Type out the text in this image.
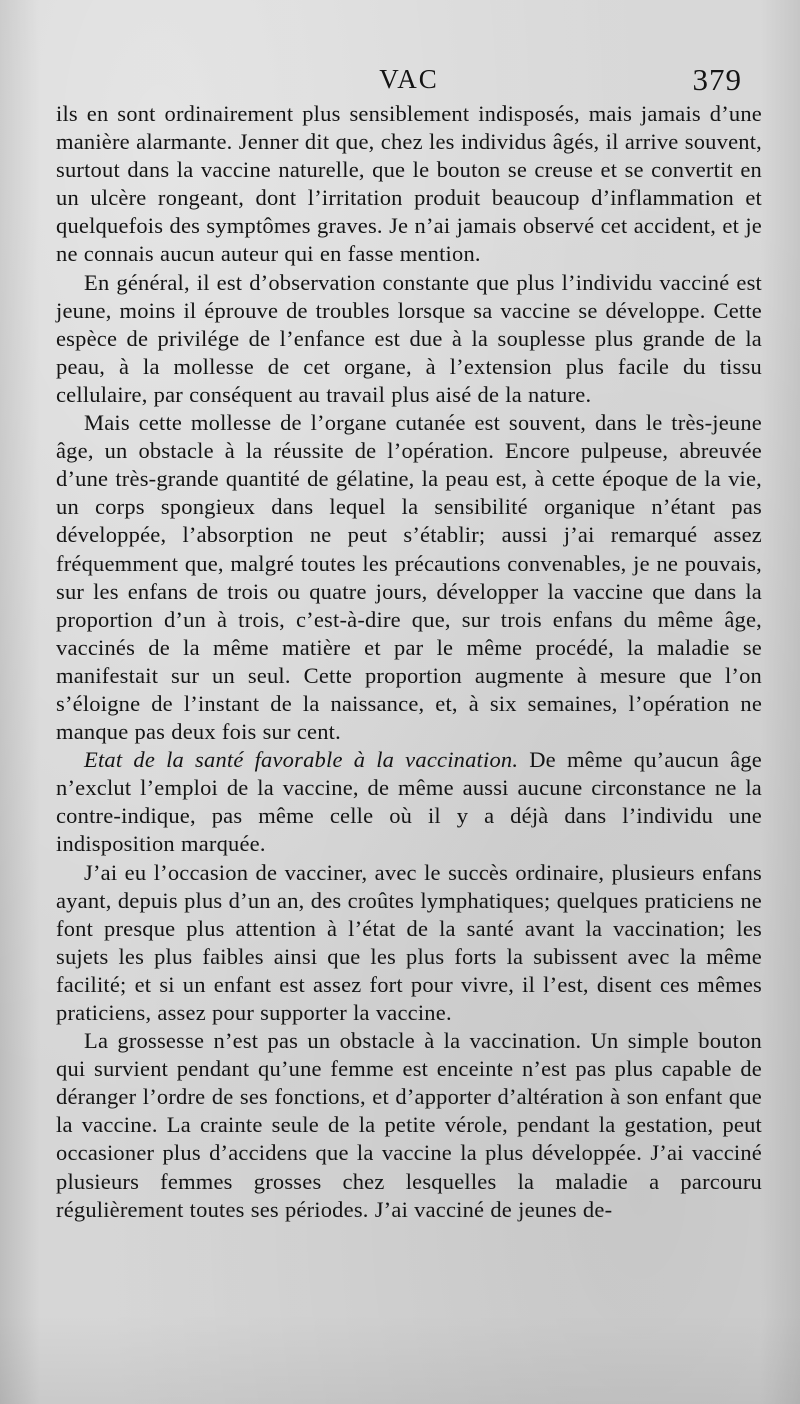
VAC	379

ils en sont ordinairement plus sensiblement indisposés, mais jamais d’une manière alarmante. Jenner dit que, chez les individus âgés, il arrive souvent, surtout dans la vaccine naturelle, que le bouton se creuse et se convertit en un ulcère rongeant, dont l’irritation produit beaucoup d’inflammation et quelquefois des symptômes graves. Je n’ai jamais observé cet accident, et je ne connais aucun auteur qui en fasse mention.

En général, il est d’observation constante que plus l’individu vacciné est jeune, moins il éprouve de troubles lorsque sa vaccine se développe. Cette espèce de privilége de l’enfance est due à la souplesse plus grande de la peau, à la mollesse de cet organe, à l’extension plus facile du tissu cellulaire, par conséquent au travail plus aisé de la nature.

Mais cette mollesse de l’organe cutanée est souvent, dans le très-jeune âge, un obstacle à la réussite de l’opération. Encore pulpeuse, abreuvée d’une très-grande quantité de gélatine, la peau est, à cette époque de la vie, un corps spongieux dans lequel la sensibilité organique n’étant pas développée, l’absorption ne peut s’établir; aussi j’ai remarqué assez fréquemment que, malgré toutes les précautions convenables, je ne pouvais, sur les enfans de trois ou quatre jours, développer la vaccine que dans la proportion d’un à trois, c’est-à-dire que, sur trois enfans du même âge, vaccinés de la même matière et par le même procédé, la maladie se manifestait sur un seul. Cette proportion augmente à mesure que l’on s’éloigne de l’instant de la naissance, et, à six semaines, l’opération ne manque pas deux fois sur cent.

Etat de la santé favorable à la vaccination. De même qu’aucun âge n’exclut l’emploi de la vaccine, de même aussi aucune circonstance ne la contre-indique, pas même celle où il y a déjà dans l’individu une indisposition marquée.

J’ai eu l’occasion de vacciner, avec le succès ordinaire, plusieurs enfans ayant, depuis plus d’un an, des croûtes lymphatiques; quelques praticiens ne font presque plus attention à l’état de la santé avant la vaccination; les sujets les plus faibles ainsi que les plus forts la subissent avec la même facilité; et si un enfant est assez fort pour vivre, il l’est, disent ces mêmes praticiens, assez pour supporter la vaccine.

La grossesse n’est pas un obstacle à la vaccination. Un simple bouton qui survient pendant qu’une femme est enceinte n’est pas plus capable de déranger l’ordre de ses fonctions, et d’apporter d’altération à son enfant que la vaccine. La crainte seule de la petite vérole, pendant la gestation, peut occasioner plus d’accidens que la vaccine la plus développée. J’ai vacciné plusieurs femmes grosses chez lesquelles la maladie a parcouru régulièrement toutes ses périodes. J’ai vacciné de jeunes de-
